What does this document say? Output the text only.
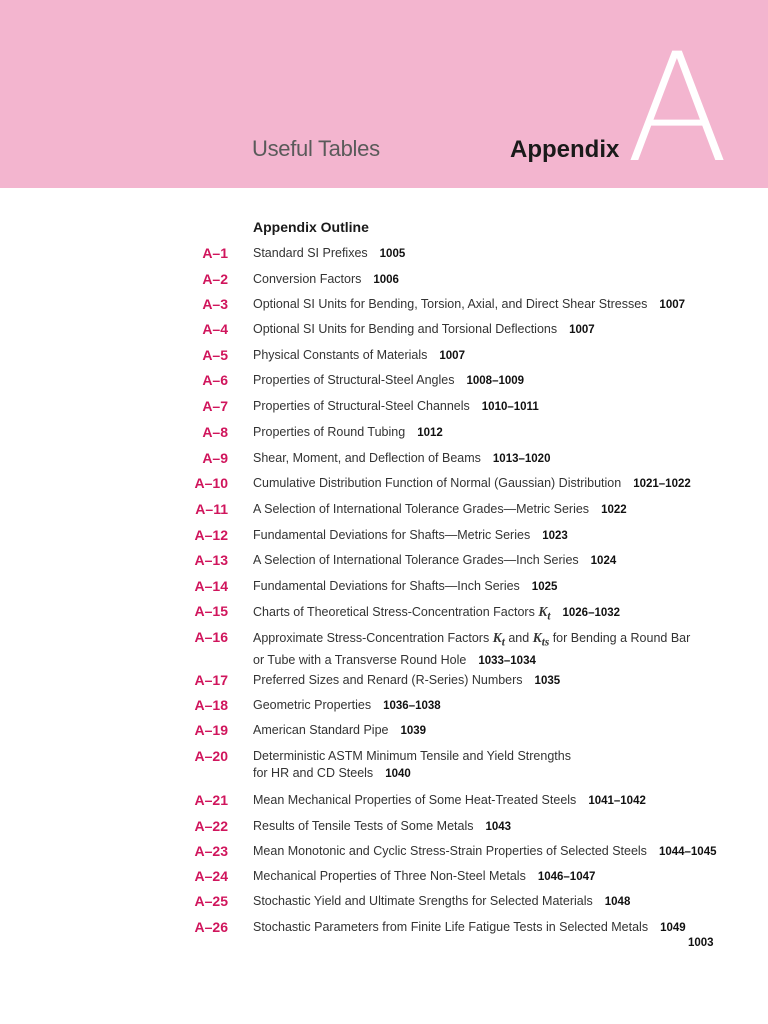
Useful Tables	Appendix A
Appendix Outline
A–1 Standard SI Prefixes 1005
A–2 Conversion Factors 1006
A–3 Optional SI Units for Bending, Torsion, Axial, and Direct Shear Stresses 1007
A–4 Optional SI Units for Bending and Torsional Deflections 1007
A–5 Physical Constants of Materials 1007
A–6 Properties of Structural-Steel Angles 1008–1009
A–7 Properties of Structural-Steel Channels 1010–1011
A–8 Properties of Round Tubing 1012
A–9 Shear, Moment, and Deflection of Beams 1013–1020
A–10 Cumulative Distribution Function of Normal (Gaussian) Distribution 1021–1022
A–11 A Selection of International Tolerance Grades—Metric Series 1022
A–12 Fundamental Deviations for Shafts—Metric Series 1023
A–13 A Selection of International Tolerance Grades—Inch Series 1024
A–14 Fundamental Deviations for Shafts—Inch Series 1025
A–15 Charts of Theoretical Stress-Concentration Factors $K_t$ 1026–1032
A–16 Approximate Stress-Concentration Factors $K_t$ and $K_{ts}$ for Bending a Round Bar
or Tube with a Transverse Round Hole 1033–1034
A–17 Preferred Sizes and Renard (R-Series) Numbers 1035
A–18 Geometric Properties 1036–1038
A–19 American Standard Pipe 1039
A–20 Deterministic ASTM Minimum Tensile and Yield Strengths
for HR and CD Steels 1040
A–21 Mean Mechanical Properties of Some Heat-Treated Steels 1041–1042
A–22 Results of Tensile Tests of Some Metals 1043
A–23 Mean Monotonic and Cyclic Stress-Strain Properties of Selected Steels 1044–1045
A–24 Mechanical Properties of Three Non-Steel Metals 1046–1047
A–25 Stochastic Yield and Ultimate Srengths for Selected Materials 1048
A–26 Stochastic Parameters from Finite Life Fatigue Tests in Selected Metals 1049
1003
